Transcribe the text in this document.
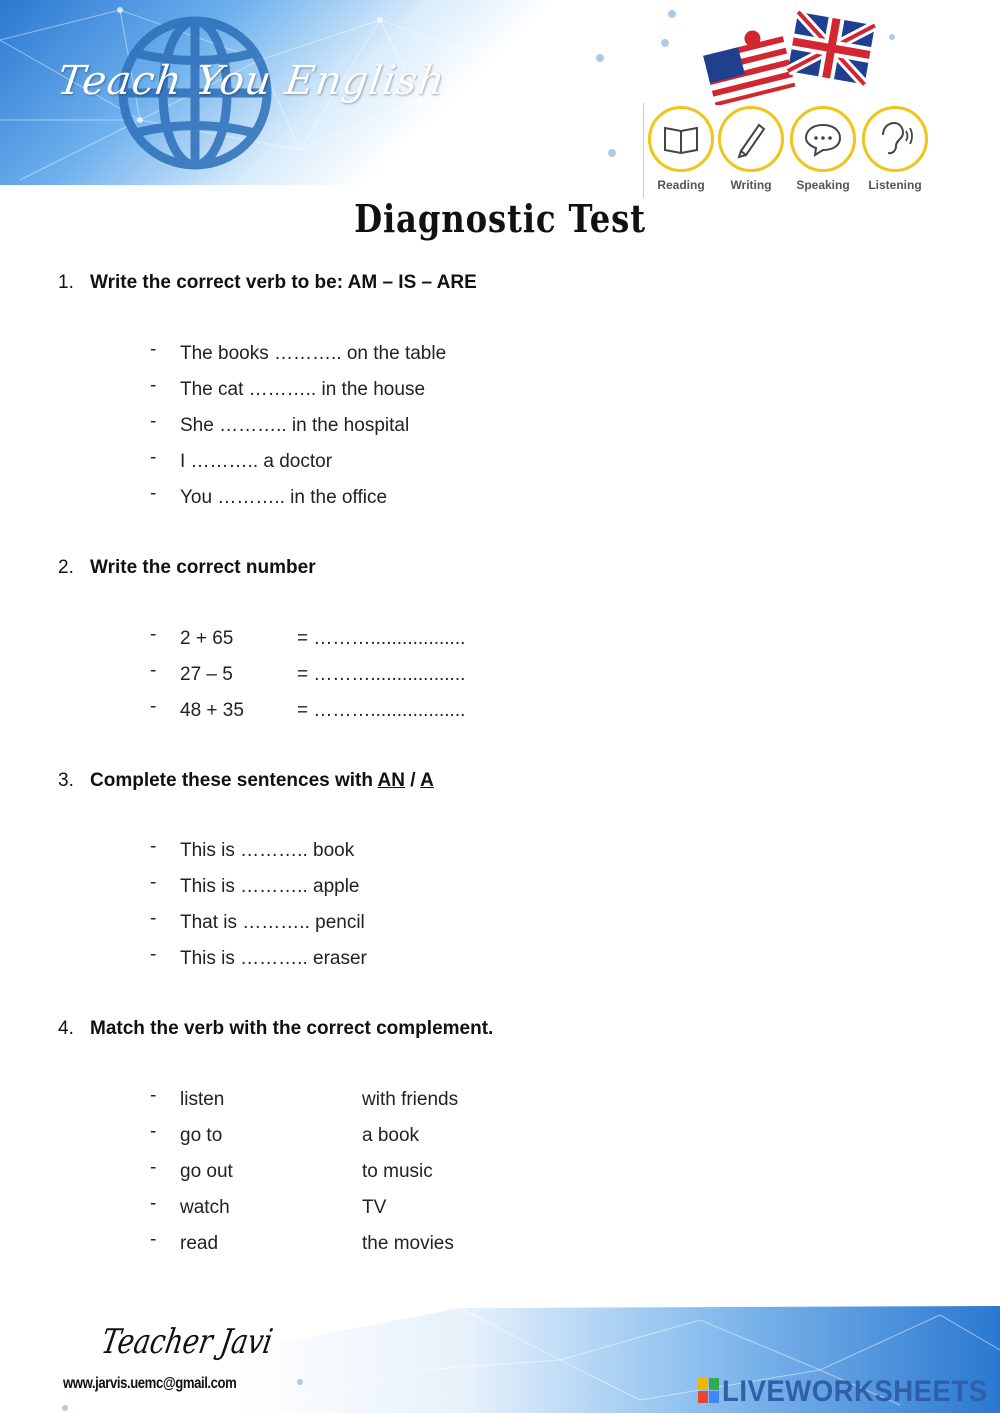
Teach You English
Reading	Writing	Speaking	Listening
Diagnostic Test
1. Write the correct verb to be: AM – IS – ARE
- The books ……….. on the table
- The cat ……….. in the house
- She ……….. in the hospital
- I ……….. a doctor
- You ……….. in the office
2. Write the correct number
- 2 + 65	= ………..................
- 27 – 5	= ………..................
- 48 + 35	= ………..................
3. Complete these sentences with AN / A
- This is ……….. book
- This is ……….. apple
- That is ……….. pencil
- This is ……….. eraser
4. Match the verb with the correct complement.
- listen	with friends
- go to	a book
- go out	to music
- watch	TV
- read	the movies
Teacher Javi
www.jarvis.uemc@gmail.com	LIVEWORKSHEETS
